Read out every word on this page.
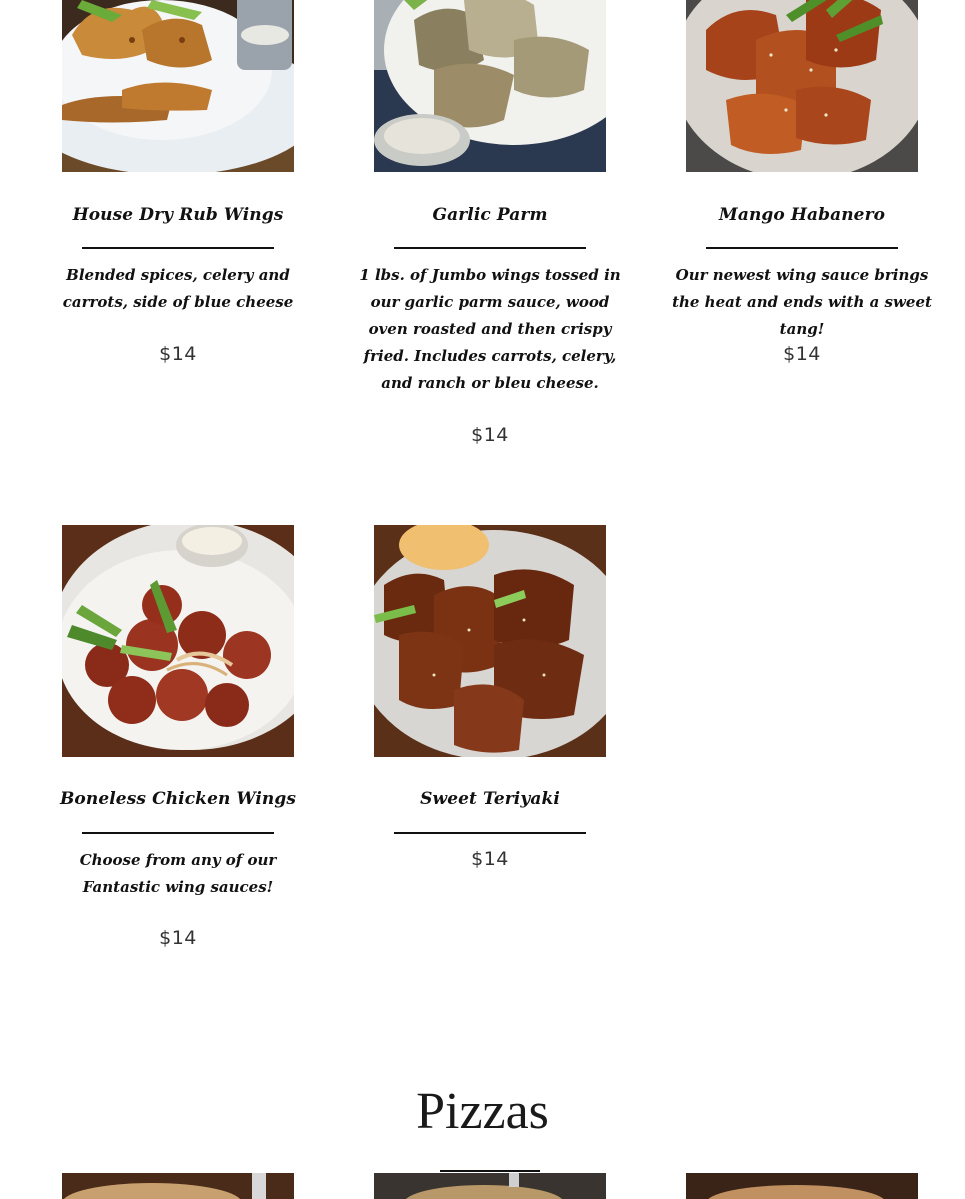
House Dry Rub Wings
Blended spices, celery and carrots, side of blue cheese
$14
Garlic Parm
1 lbs. of Jumbo wings tossed in our garlic parm sauce, wood oven roasted and then crispy fried. Includes carrots, celery, and ranch or bleu cheese.
$14
Mango Habanero
Our newest wing sauce brings the heat and ends with a sweet tang!
$14
Boneless Chicken Wings
Choose from any of our Fantastic wing sauces!
$14
Sweet Teriyaki
$14
Pizzas
